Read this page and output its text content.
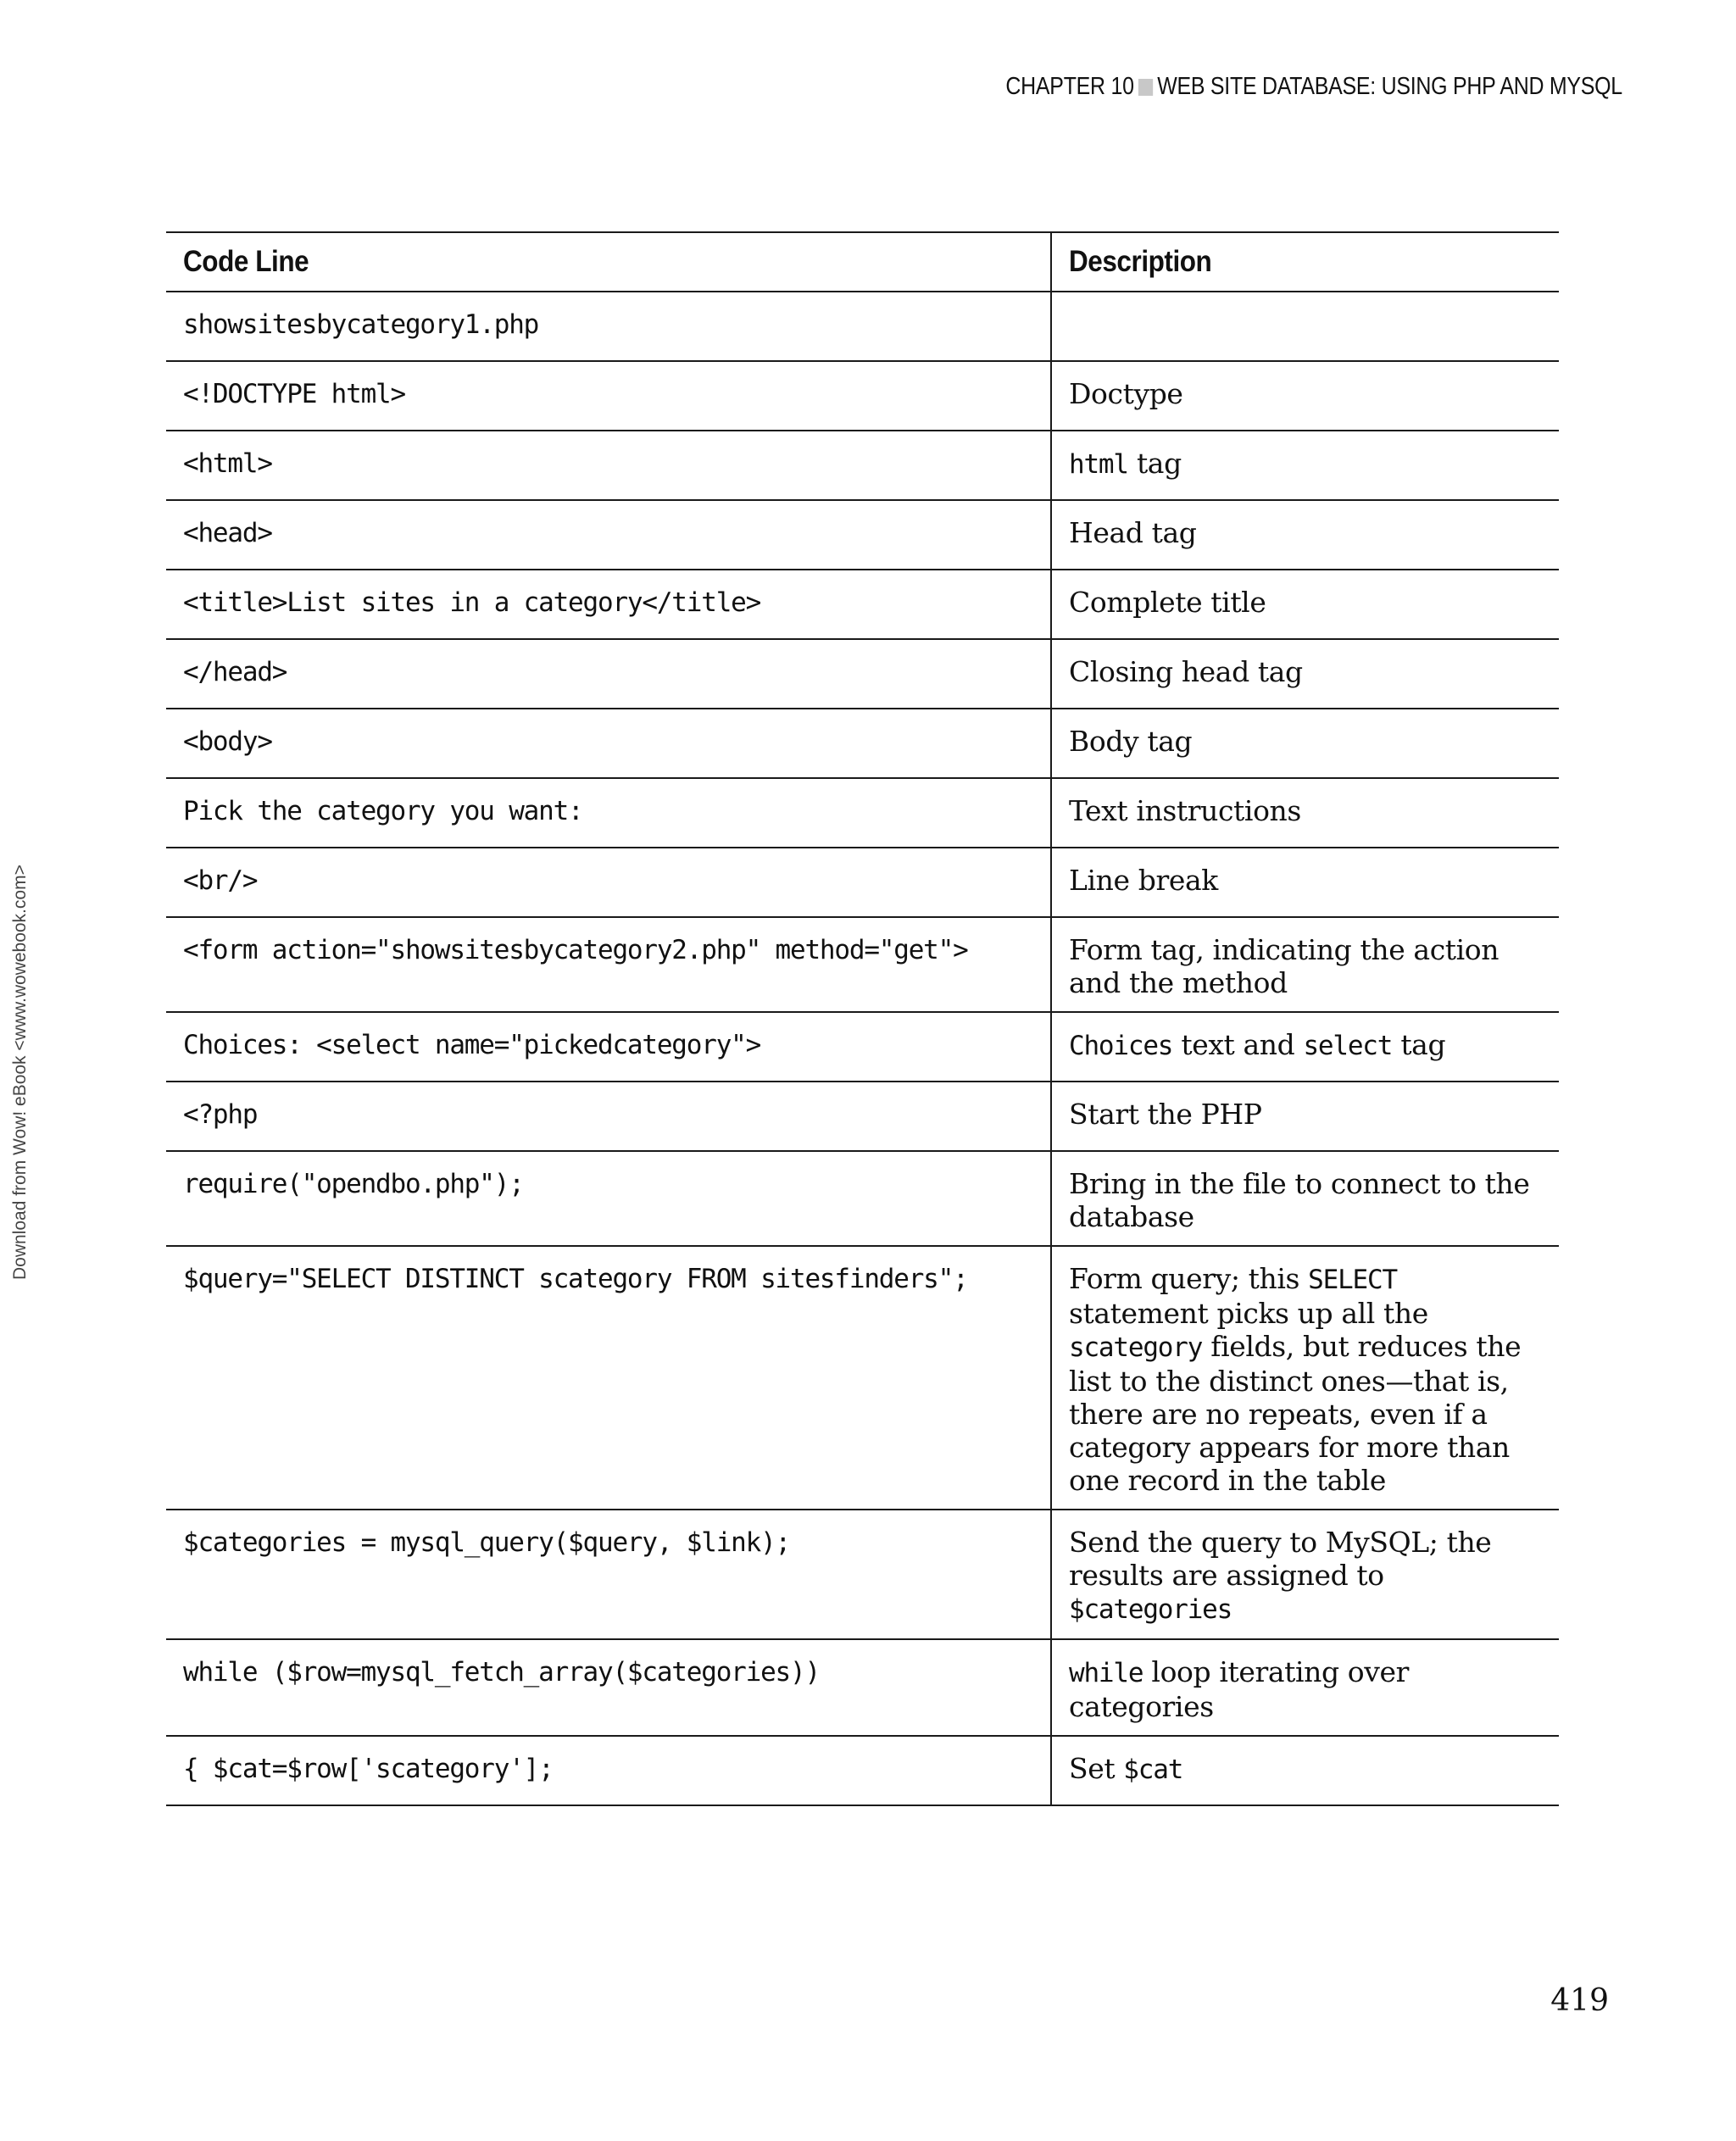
CHAPTER 10 WEB SITE DATABASE: USING PHP AND MYSQL
Download from Wow! eBook <www.wowebook.com>
Code Line	Description
showsitesbycategory1.php	
<!DOCTYPE html>	Doctype
<html>	html tag
<head>	Head tag
<title>List sites in a category</title>	Complete title
</head>	Closing head tag
<body>	Body tag
Pick the category you want:	Text instructions
<br/>	Line break
<form action="showsitesbycategory2.php" method="get">	Form tag, indicating the action and the method
Choices: <select name="pickedcategory">	Choices text and select tag
<?php	Start the PHP
require("opendbo.php");	Bring in the file to connect to the database
$query="SELECT DISTINCT scategory FROM sitesfinders";	Form query; this SELECT statement picks up all the scategory fields, but reduces the list to the distinct ones—that is, there are no repeats, even if a category appears for more than one record in the table
$categories = mysql_query($query, $link);	Send the query to MySQL; the results are assigned to $categories
while ($row=mysql_fetch_array($categories))	while loop iterating over categories
{ $cat=$row['scategory'];	Set $cat
419
